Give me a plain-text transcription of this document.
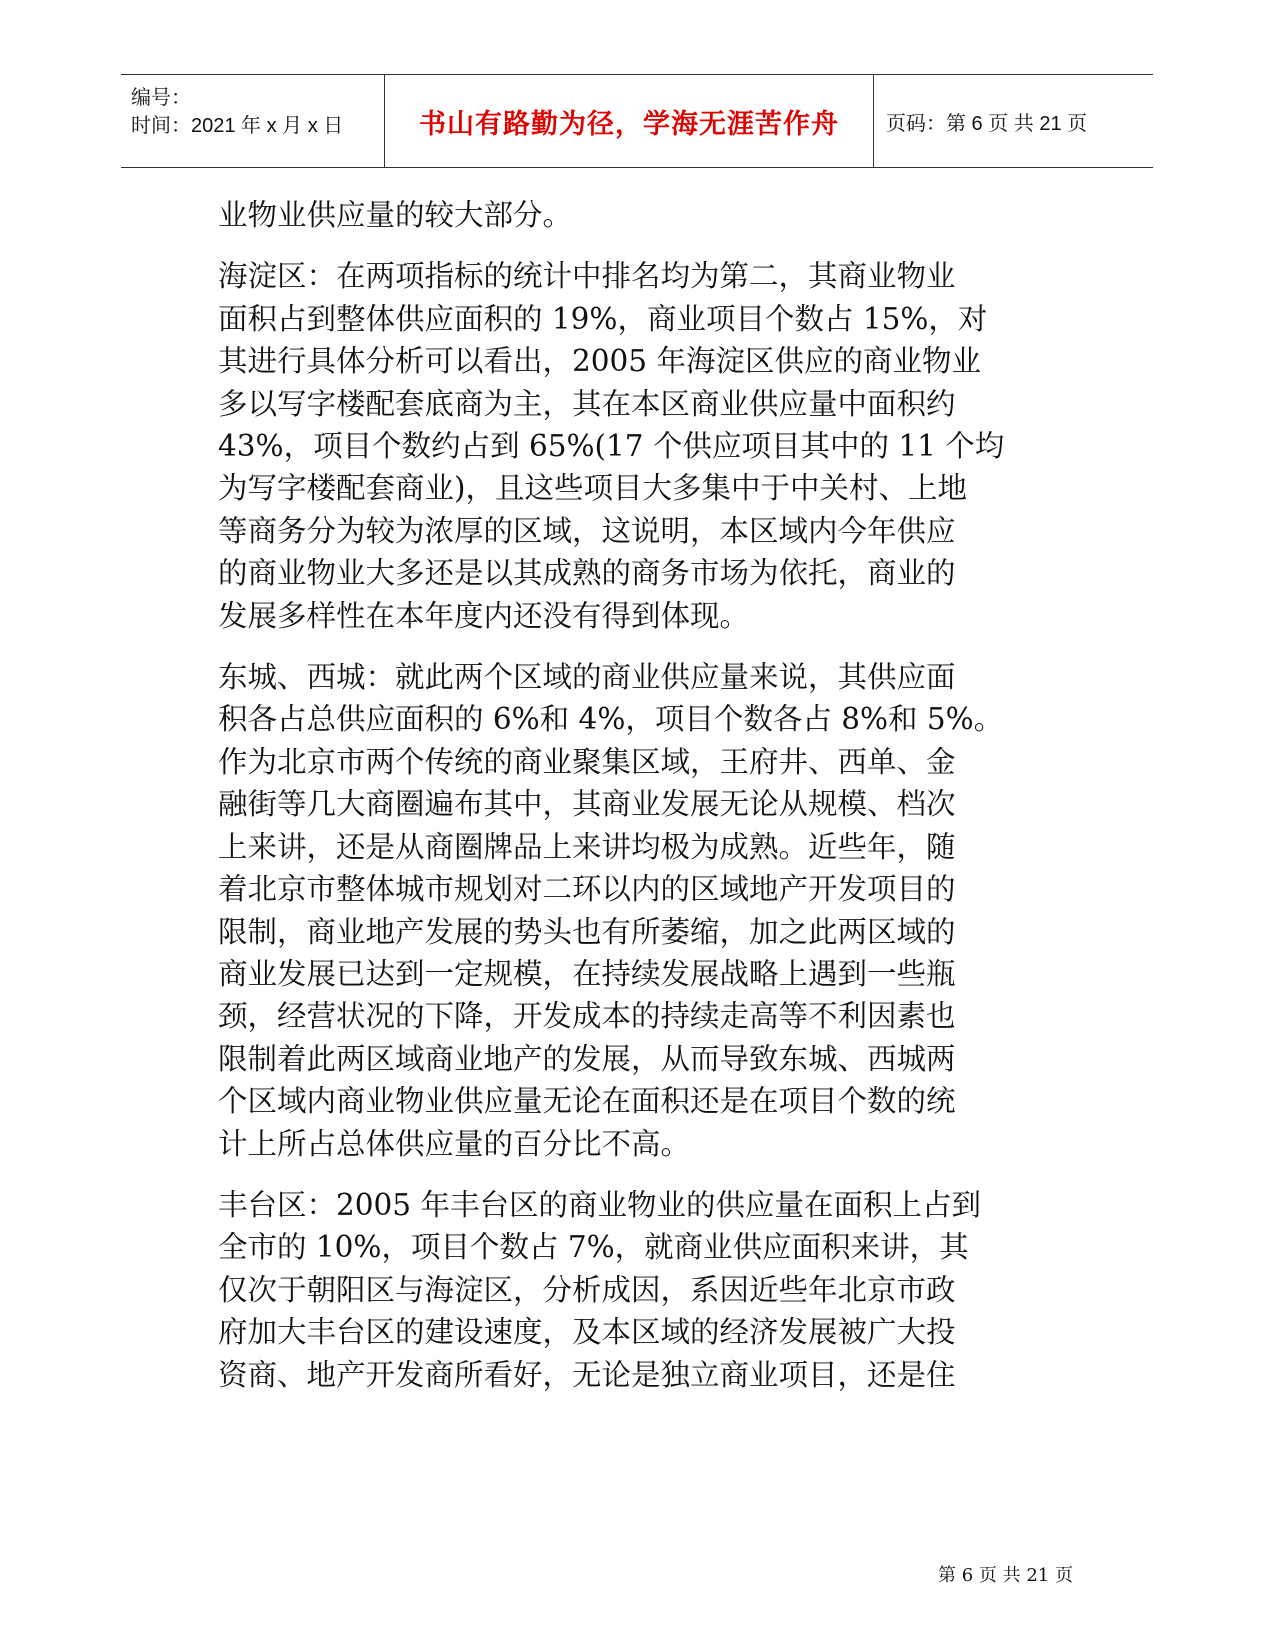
编号：
时间：2021 年 x 月 x 日	书山有路勤为径，学海无涯苦作舟 页码：第 6 页 共 21 页
业物业供应量的较大部分。
海淀区：在两项指标的统计中排名均为第二，其商业物业
面积占到整体供应面积的 19%，商业项目个数占 15%，对
其进行具体分析可以看出，2005 年海淀区供应的商业物业
多以写字楼配套底商为主，其在本区商业供应量中面积约
43%，项目个数约占到 65%(17 个供应项目其中的 11 个均
为写字楼配套商业)，且这些项目大多集中于中关村、上地
等商务分为较为浓厚的区域，这说明，本区域内今年供应
的商业物业大多还是以其成熟的商务市场为依托，商业的
发展多样性在本年度内还没有得到体现。
东城、西城：就此两个区域的商业供应量来说，其供应面
积各占总供应面积的 6%和 4%，项目个数各占 8%和 5%。
作为北京市两个传统的商业聚集区域，王府井、西单、金
融街等几大商圈遍布其中，其商业发展无论从规模、档次
上来讲，还是从商圈牌品上来讲均极为成熟。近些年，随
着北京市整体城市规划对二环以内的区域地产开发项目的
限制，商业地产发展的势头也有所萎缩，加之此两区域的
商业发展已达到一定规模，在持续发展战略上遇到一些瓶
颈，经营状况的下降，开发成本的持续走高等不利因素也
限制着此两区域商业地产的发展，从而导致东城、西城两
个区域内商业物业供应量无论在面积还是在项目个数的统
计上所占总体供应量的百分比不高。
丰台区：2005 年丰台区的商业物业的供应量在面积上占到
全市的 10%，项目个数占 7%，就商业供应面积来讲，其
仅次于朝阳区与海淀区，分析成因，系因近些年北京市政
府加大丰台区的建设速度，及本区域的经济发展被广大投
资商、地产开发商所看好，无论是独立商业项目，还是住
第 6 页 共 21 页
